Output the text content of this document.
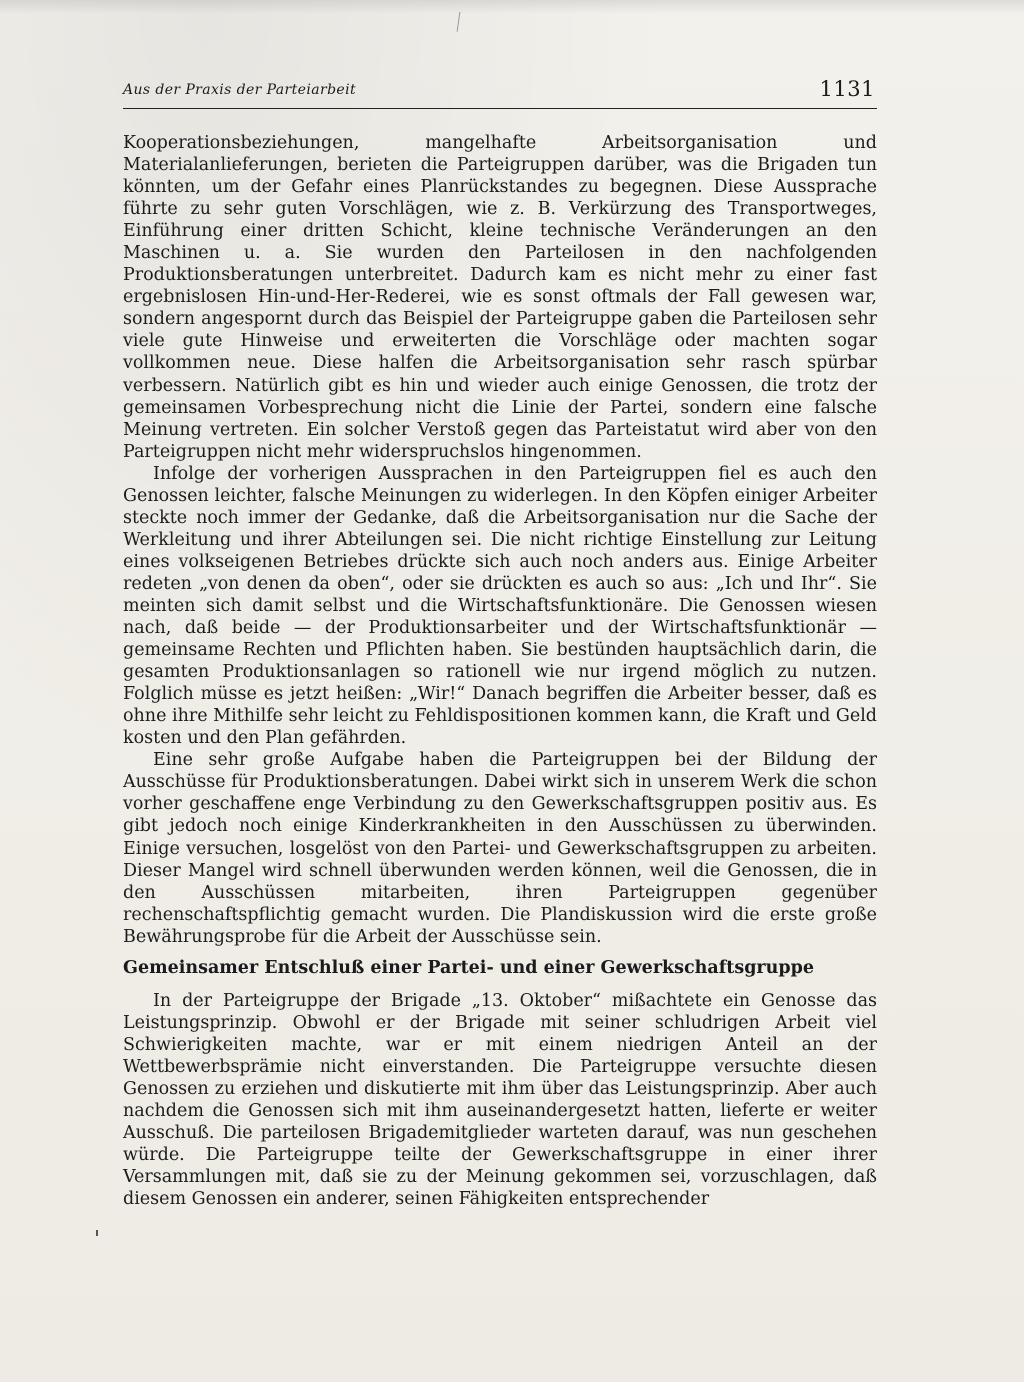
Aus der Praxis der Parteiarbeit	1131

Kooperationsbeziehungen, mangelhafte Arbeitsorganisation und Materialanlieferungen, berieten die Parteigruppen darüber, was die Brigaden tun könnten, um der Gefahr eines Planrückstandes zu begegnen. Diese Aussprache führte zu sehr guten Vorschlägen, wie z. B. Verkürzung des Transportweges, Einführung einer dritten Schicht, kleine technische Veränderungen an den Maschinen u. a. Sie wurden den Parteilosen in den nachfolgenden Produktionsberatungen unterbreitet. Dadurch kam es nicht mehr zu einer fast ergebnislosen Hin-und-Her-Rederei, wie es sonst oftmals der Fall gewesen war, sondern angespornt durch das Beispiel der Parteigruppe gaben die Parteilosen sehr viele gute Hinweise und erweiterten die Vorschläge oder machten sogar vollkommen neue. Diese halfen die Arbeitsorganisation sehr rasch spürbar verbessern. Natürlich gibt es hin und wieder auch einige Genossen, die trotz der gemeinsamen Vorbesprechung nicht die Linie der Partei, sondern eine falsche Meinung vertreten. Ein solcher Verstoß gegen das Parteistatut wird aber von den Parteigruppen nicht mehr widerspruchslos hingenommen.

Infolge der vorherigen Aussprachen in den Parteigruppen fiel es auch den Genossen leichter, falsche Meinungen zu widerlegen. In den Köpfen einiger Arbeiter steckte noch immer der Gedanke, daß die Arbeitsorganisation nur die Sache der Werkleitung und ihrer Abteilungen sei. Die nicht richtige Einstellung zur Leitung eines volkseigenen Betriebes drückte sich auch noch anders aus. Einige Arbeiter redeten „von denen da oben“, oder sie drückten es auch so aus: „Ich und Ihr“. Sie meinten sich damit selbst und die Wirtschaftsfunktionäre. Die Genossen wiesen nach, daß beide — der Produktionsarbeiter und der Wirtschaftsfunktionär — gemeinsame Rechten und Pflichten haben. Sie bestünden hauptsächlich darin, die gesamten Produktionsanlagen so rationell wie nur irgend möglich zu nutzen. Folglich müsse es jetzt heißen: „Wir!“ Danach begriffen die Arbeiter besser, daß es ohne ihre Mithilfe sehr leicht zu Fehldispositionen kommen kann, die Kraft und Geld kosten und den Plan gefährden.

Eine sehr große Aufgabe haben die Parteigruppen bei der Bildung der Ausschüsse für Produktionsberatungen. Dabei wirkt sich in unserem Werk die schon vorher geschaffene enge Verbindung zu den Gewerkschaftsgruppen positiv aus. Es gibt jedoch noch einige Kinderkrankheiten in den Ausschüssen zu überwinden. Einige versuchen, losgelöst von den Partei- und Gewerkschaftsgruppen zu arbeiten. Dieser Mangel wird schnell überwunden werden können, weil die Genossen, die in den Ausschüssen mitarbeiten, ihren Parteigruppen gegenüber rechenschaftspflichtig gemacht wurden. Die Plandiskussion wird die erste große Bewährungsprobe für die Arbeit der Ausschüsse sein.

Gemeinsamer Entschluß einer Partei- und einer Gewerkschaftsgruppe

In der Parteigruppe der Brigade „13. Oktober“ mißachtete ein Genosse das Leistungsprinzip. Obwohl er der Brigade mit seiner schludrigen Arbeit viel Schwierigkeiten machte, war er mit einem niedrigen Anteil an der Wettbewerbsprämie nicht einverstanden. Die Parteigruppe versuchte diesen Genossen zu erziehen und diskutierte mit ihm über das Leistungsprinzip. Aber auch nachdem die Genossen sich mit ihm auseinandergesetzt hatten, lieferte er weiter Ausschuß. Die parteilosen Brigademitglieder warteten darauf, was nun geschehen würde. Die Parteigruppe teilte der Gewerkschaftsgruppe in einer ihrer Versammlungen mit, daß sie zu der Meinung gekommen sei, vorzuschlagen, daß diesem Genossen ein anderer, seinen Fähigkeiten entsprechender
